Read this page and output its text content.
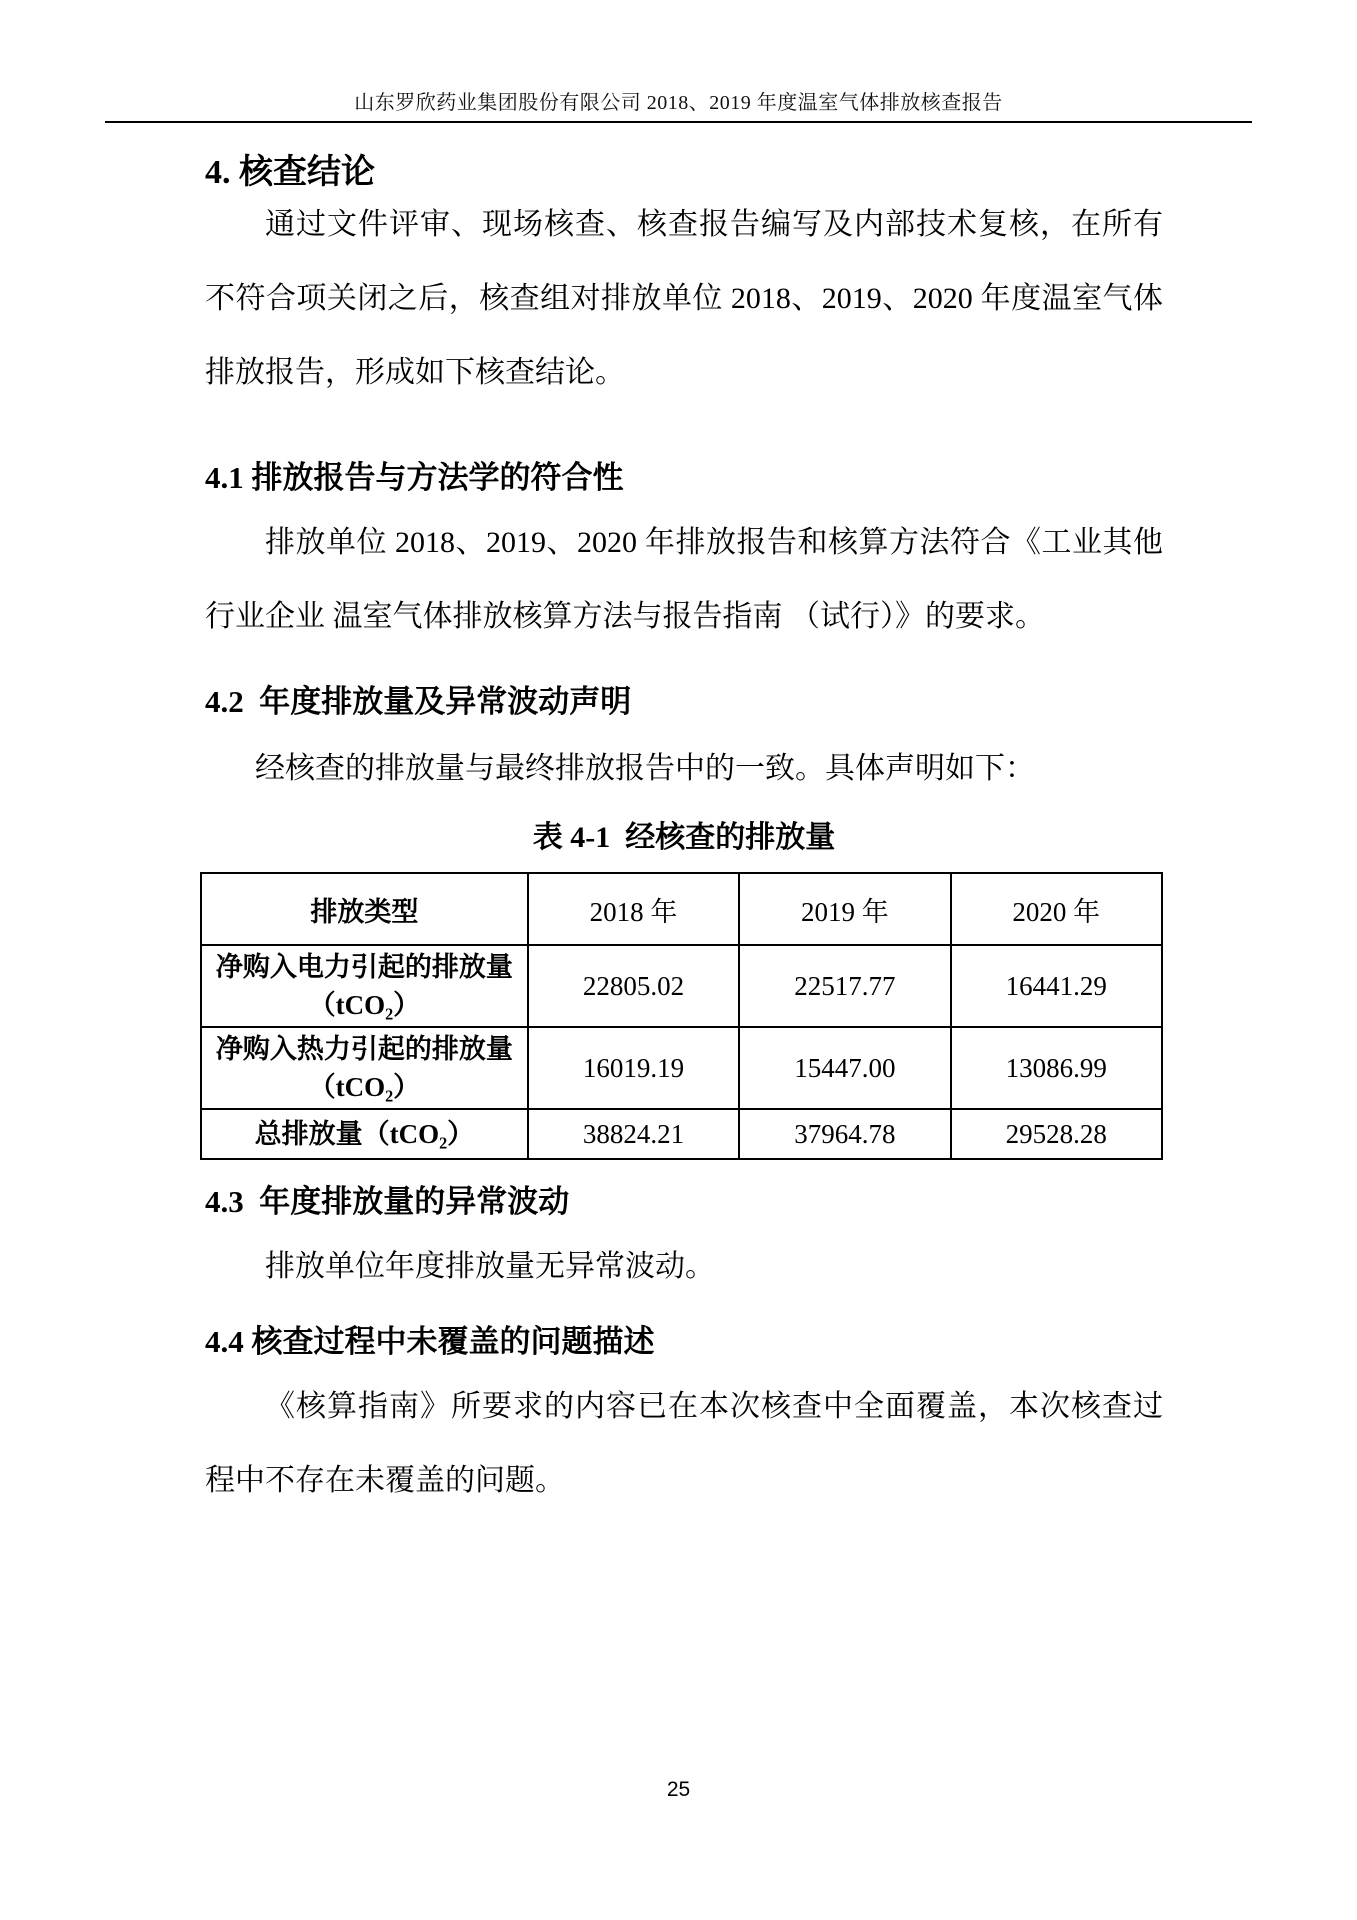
山东罗欣药业集团股份有限公司 2018、2019 年度温室气体排放核查报告
4. 核查结论
通过文件评审、现场核查、核查报告编写及内部技术复核，在所有不符合项关闭之后，核查组对排放单位 2018、2019、2020 年度温室气体排放报告，形成如下核查结论。
4.1 排放报告与方法学的符合性
排放单位 2018、2019、2020 年排放报告和核算方法符合《工业其他行业企业 温室气体排放核算方法与报告指南 （试行）》的要求。
4.2  年度排放量及异常波动声明
经核查的排放量与最终排放报告中的一致。具体声明如下：
表 4-1  经核查的排放量
排放类型	2018 年	2019 年	2020 年

净购入电力引起的排放量
（tCO₂）	22805.02	22517.77	16441.29

净购入热力引起的排放量
（tCO₂）	16019.19	15447.00	13086.99

总排放量（tCO₂）	38824.21	37964.78	29528.28
4.3  年度排放量的异常波动
排放单位年度排放量无异常波动。
4.4 核查过程中未覆盖的问题描述
《核算指南》所要求的内容已在本次核查中全面覆盖，本次核查过程中不存在未覆盖的问题。
25
